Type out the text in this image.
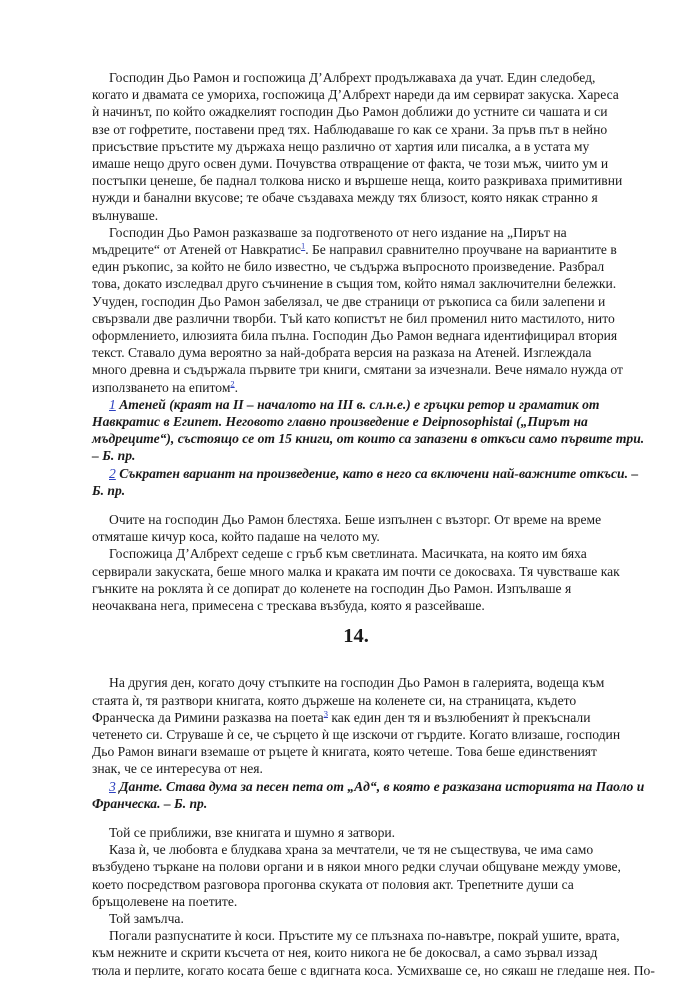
Господин Дьо Рамон и госпожица Д’Албрехт продължаваха да учат. Един следобед,
когато и двамата се умориха, госпожица Д’Албрехт нареди да им сервират закуска. Хареса
ѝ начинът, по който ожадкелият господин Дьо Рамон доближи до устните си чашата и си
взе от гофретите, поставени пред тях. Наблюдаваше го как се храни. За пръв път в нейно
присъствие пръстите му държаха нещо различно от хартия или писалка, а в устата му
имаше нещо друго освен думи. Почувства отвращение от факта, че този мъж, чиито ум и
постъпки ценеше, бе паднал толкова ниско и вършеше неща, които разкриваха примитивни
нужди и банални вкусове; те обаче създаваха между тях близост, която някак странно я
вълнуваше.

Господин Дьо Рамон разказваше за подготвеното от него издание на „Пирът на
мъдреците“ от Атеней от Навкратис$^1$. Бе направил сравнително проучване на вариантите в
един ръкопис, за който не било известно, че съдържа въпросното произведение. Разбрал
това, докато изследвал друго съчинение в същия том, който нямал заключителни бележки.
Учуден, господин Дьо Рамон забелязал, че две страници от ръкописа са били залепени и
свързвали две различни творби. Тъй като копистът не бил променил нито мастилото, нито
оформлението, илюзията била пълна. Господин Дьо Рамон веднага идентифицирал втория
текст. Ставало дума вероятно за най-добрата версия на разказа на Атеней. Изглеждала
много древна и съдържала първите три книги, смятани за изчезнали. Вече нямало нужда от
използването на епитом$^2$.

1 Атеней (краят на II – началото на III в. сл.н.е.) е гръцки ретор и граматик от
Навкратис в Египет. Неговото главно произведение е Deipnosophistai („Пирът на
мъдреците“), състоящо се от 15 книги, от които са запазени в откъси само първите три.
– Б. пр.

2 Съкратен вариант на произведение, като в него са включени най-важните откъси. –
Б. пр.

Очите на господин Дьо Рамон блестяха. Беше изпълнен с възторг. От време на време
отмяташе кичур коса, който падаше на челото му.

Госпожица Д’Албрехт седеше с гръб към светлината. Масичката, на която им бяха
сервирали закуската, беше много малка и краката им почти се докосваха. Тя чувстваше как
гънките на роклята ѝ се допират до коленете на господин Дьо Рамон. Изпълваше я
неочаквана нега, примесена с трескава възбуда, която я разсейваше.

14.

На другия ден, когато дочу стъпките на господин Дьо Рамон в галерията, водеща към
стаята ѝ, тя разтвори книгата, която държеше на коленете си, на страницата, където
Франческа да Римини разказва на поета$^3$ как един ден тя и възлюбеният ѝ прекъснали
четенето си. Струваше ѝ се, че сърцето ѝ ще изскочи от гърдите. Когато влизаше, господин
Дьо Рамон винаги вземаше от ръцете ѝ книгата, която четеше. Това беше единственият
знак, че се интересува от нея.

3 Данте. Става дума за песен пета от „Ад“, в която е разказана историята на Паоло и
Франческа. – Б. пр.

Той се приближи, взе книгата и шумно я затвори.

Каза ѝ, че любовта е блудкава храна за мечтатели, че тя не съществува, че има само
възбудено търкане на полови органи и в някои много редки случаи общуване между умове,
което посредством разговора прогонва скуката от половия акт. Трепетните души са
бръщолевене на поетите.

Той замълча.

Погали разпуснатите ѝ коси. Пръстите му се плъзнаха по-навътре, покрай ушите, врата,
към нежните и скрити късчета от нея, които никога не бе докосвал, а само зървал иззад
тюла и перлите, когато косата беше с вдигната коса. Усмихваше се, но сякаш не гледаше нея. По-
